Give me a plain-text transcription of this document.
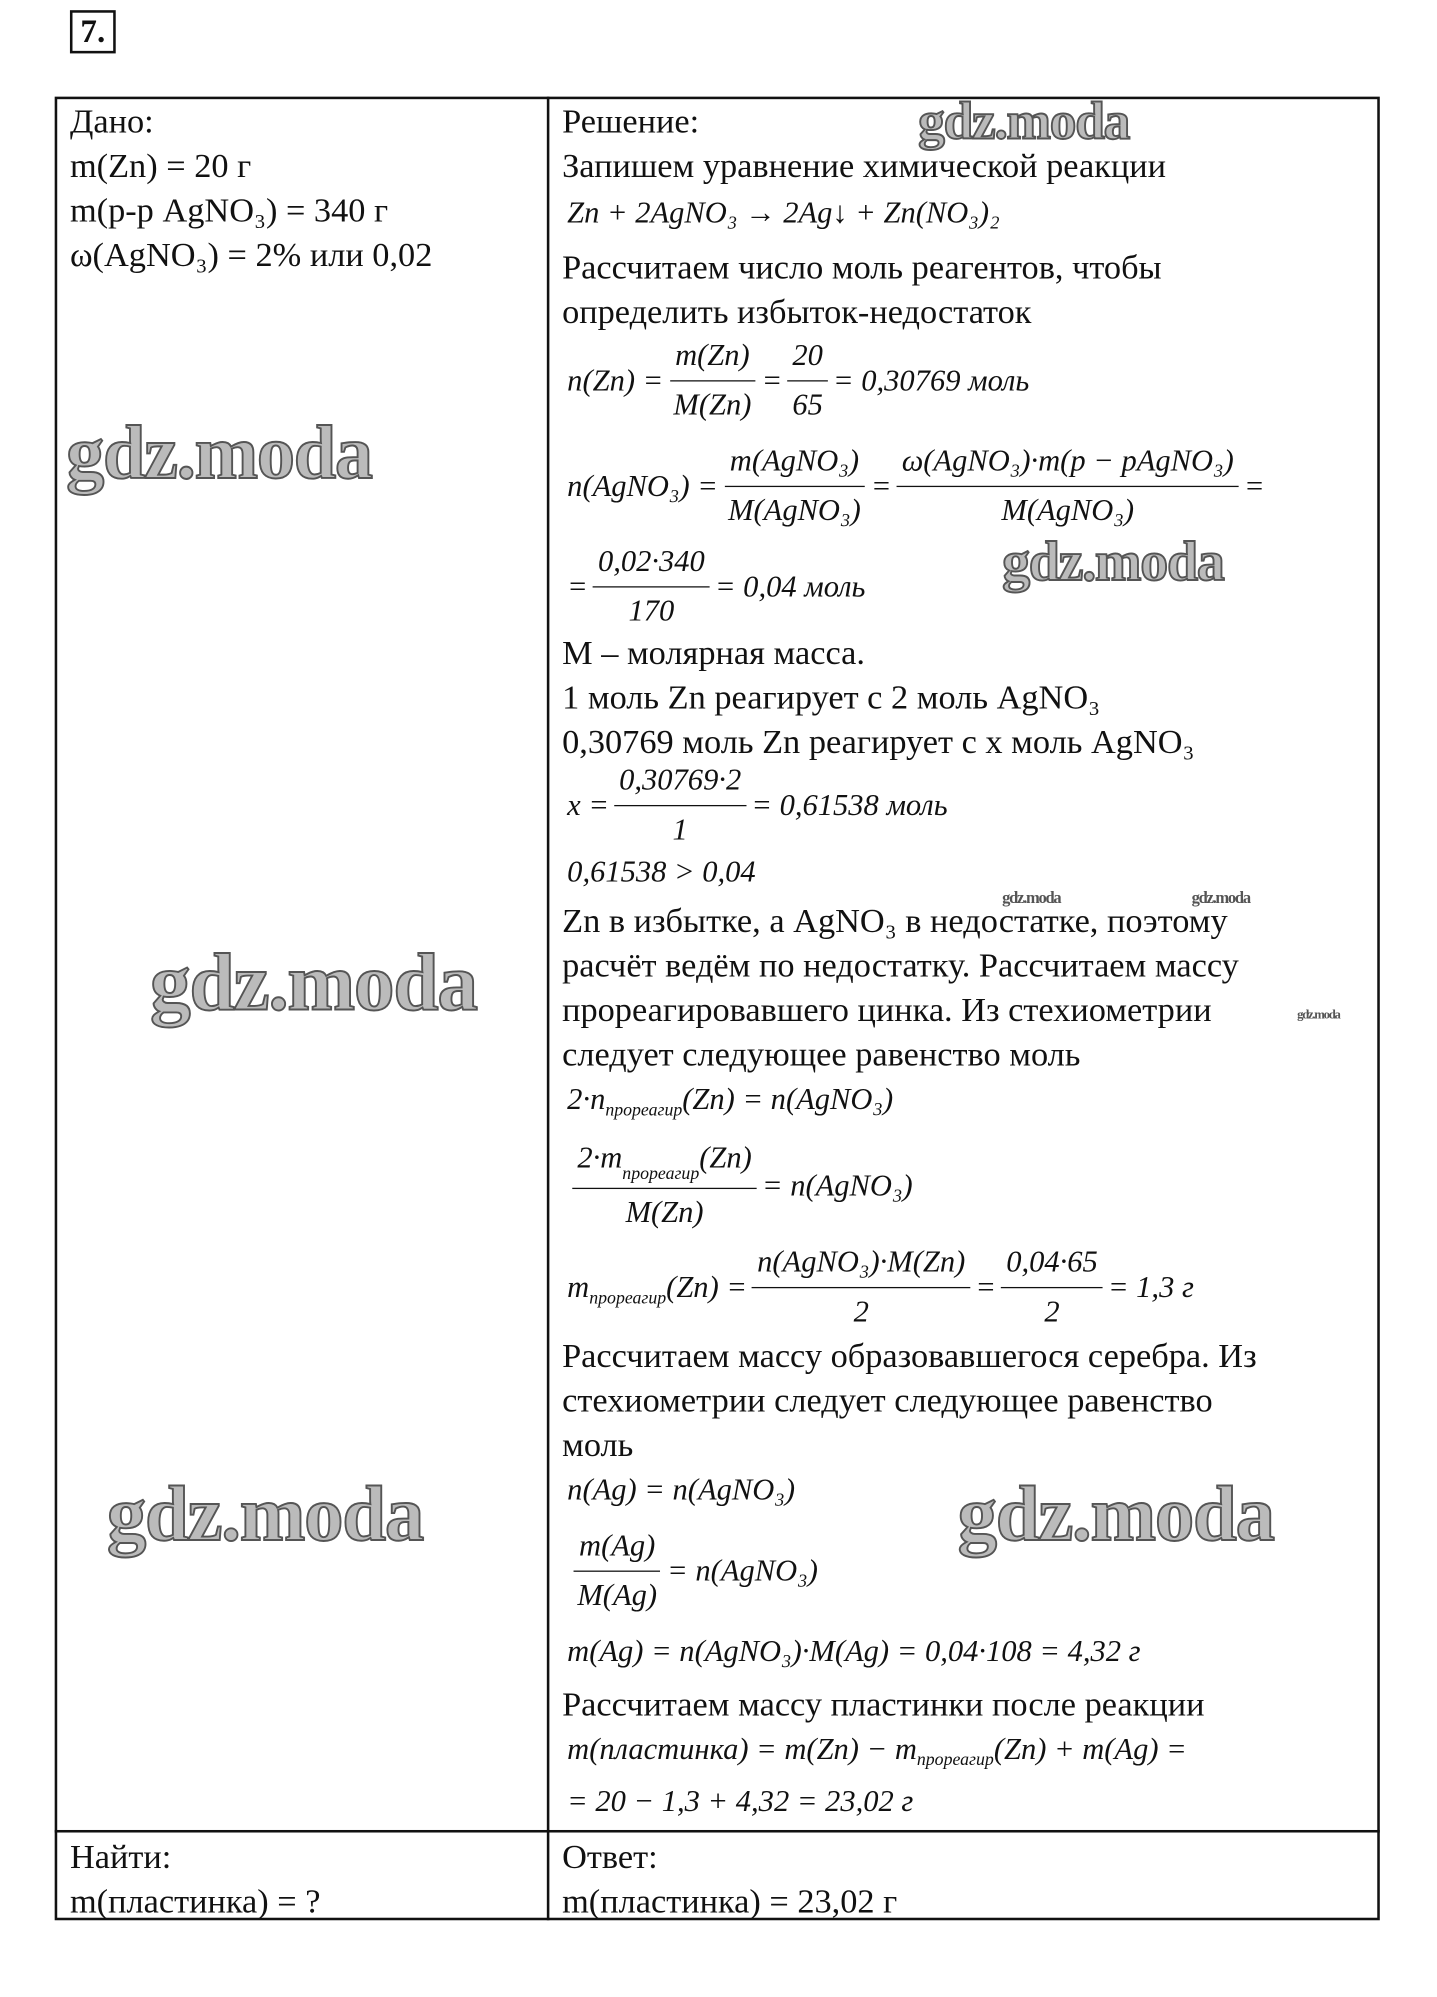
7.
Дано:
m(Zn) = 20 г
m(р-р AgNO₃) = 340 г
ω(AgNO₃) = 2% или 0,02
Решение:
Запишем уравнение химической реакции
Zn + 2AgNO₃ → 2Ag↓ + Zn(NO₃)₂
Рассчитаем число моль реагентов, чтобы
определить избыток-недостаток
$n(Zn) = \frac{m(Zn)}{M(Zn)} = \frac{20}{65} = 0,30769$ моль
n(AgNO₃) = $\frac{\text{m(AgNO₃)}}{\text{M(AgNO₃)}} = \frac{\text{ω(AgNO₃)·m(p − pAgNO₃)}}{\text{M(AgNO₃)}}$ =
= $\frac{0,02\cdot 340}{170} = 0,04$ моль
M – молярная масса.
1 моль Zn реагирует с 2 моль AgNO₃
0,30769 моль Zn реагирует с x моль AgNO₃
$x = \frac{0,30769\cdot 2}{1} = 0,61538$ моль
0,61538 > 0,04
Zn в избытке, а AgNO₃ в недостатке, поэтому
расчёт ведём по недостатку. Рассчитаем массу
прореагировавшего цинка. Из стехиометрии
следует следующее равенство моль
2·n прореагир (Zn) = n(AgNO₃)
$\frac{2\cdot m_{прореагир}(Zn)}{M(Zn)}$ = n(AgNO₃)
m прореагир $(Zn) = \frac{\text{n(AgNO₃)·M(Zn)}}{2} = \frac{0,04\cdot 65}{2} = 1,3$ г
Рассчитаем массу образовавшегося серебра. Из
стехиометрии следует следующее равенство
моль
n(Ag) = n(AgNO₃)
$\frac{m(Ag)}{M(Ag)}$ = n(AgNO₃)
m(Ag) = n(AgNO₃)·M(Ag) = 0,04·108 = 4,32 г
Рассчитаем массу пластинки после реакции
m(пластинка) = m(Zn) − m прореагир (Zn) + m(Ag) =
= 20 − 1,3 + 4,32 = 23,02 г
Найти:
m(пластинка) = ?
Ответ:
m(пластинка) = 23,02 г
gdz.moda
gdz.moda
gdz.moda
gdz.moda
gdz.moda	gdz.moda
gdz.moda	gdz.moda
gdz.moda
